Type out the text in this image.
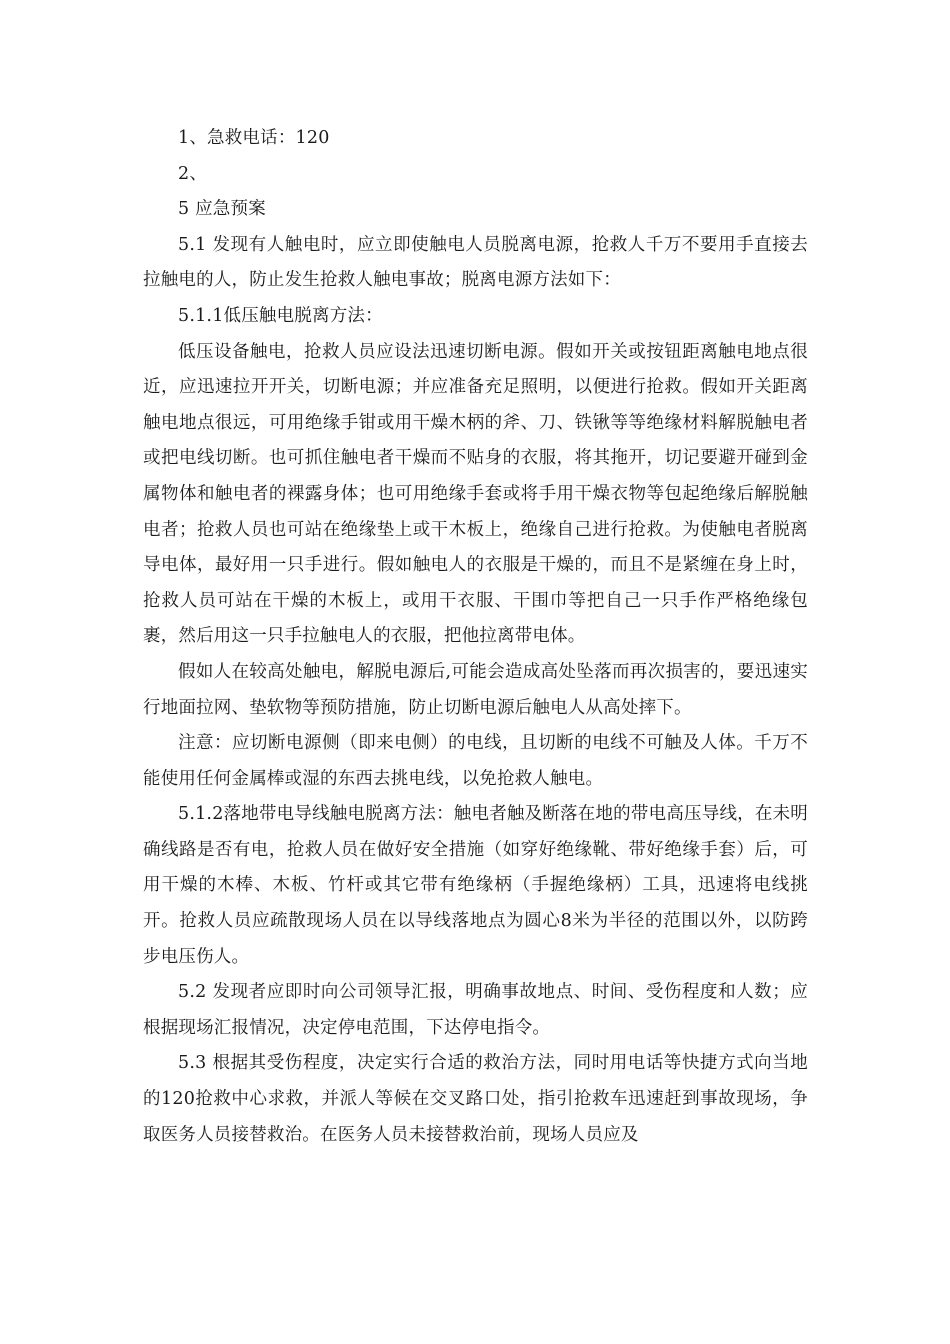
1、急救电话：120

2、

5 应急预案

5.1 发现有人触电时，应立即使触电人员脱离电源，抢救人千万不要用手直接去拉触电的人，防止发生抢救人触电事故；脱离电源方法如下：

5.1.1低压触电脱离方法：

低压设备触电，抢救人员应设法迅速切断电源。假如开关或按钮距离触电地点很近，应迅速拉开开关，切断电源；并应准备充足照明，以便进行抢救。假如开关距离触电地点很远，可用绝缘手钳或用干燥木柄的斧、刀、铁锹等等绝缘材料解脱触电者或把电线切断。也可抓住触电者干燥而不贴身的衣服，将其拖开，切记要避开碰到金属物体和触电者的裸露身体；也可用绝缘手套或将手用干燥衣物等包起绝缘后解脱触电者；抢救人员也可站在绝缘垫上或干木板上，绝缘自己进行抢救。为使触电者脱离导电体，最好用一只手进行。假如触电人的衣服是干燥的，而且不是紧缠在身上时，抢救人员可站在干燥的木板上，或用干衣服、干围巾等把自己一只手作严格绝缘包裹，然后用这一只手拉触电人的衣服，把他拉离带电体。

假如人在较高处触电，解脱电源后,可能会造成高处坠落而再次损害的，要迅速实行地面拉网、垫软物等预防措施，防止切断电源后触电人从高处摔下。

注意：应切断电源侧（即来电侧）的电线，且切断的电线不可触及人体。千万不能使用任何金属棒或湿的东西去挑电线，以免抢救人触电。

5.1.2落地带电导线触电脱离方法：触电者触及断落在地的带电高压导线，在未明确线路是否有电，抢救人员在做好安全措施（如穿好绝缘靴、带好绝缘手套）后，可用干燥的木棒、木板、竹杆或其它带有绝缘柄（手握绝缘柄）工具，迅速将电线挑开。抢救人员应疏散现场人员在以导线落地点为圆心8米为半径的范围以外，以防跨步电压伤人。

5.2 发现者应即时向公司领导汇报，明确事故地点、时间、受伤程度和人数；应根据现场汇报情况，决定停电范围，下达停电指令。

5.3 根据其受伤程度，决定实行合适的救治方法，同时用电话等快捷方式向当地的120抢救中心求救，并派人等候在交叉路口处，指引抢救车迅速赶到事故现场，争取医务人员接替救治。在医务人员未接替救治前，现场人员应及
